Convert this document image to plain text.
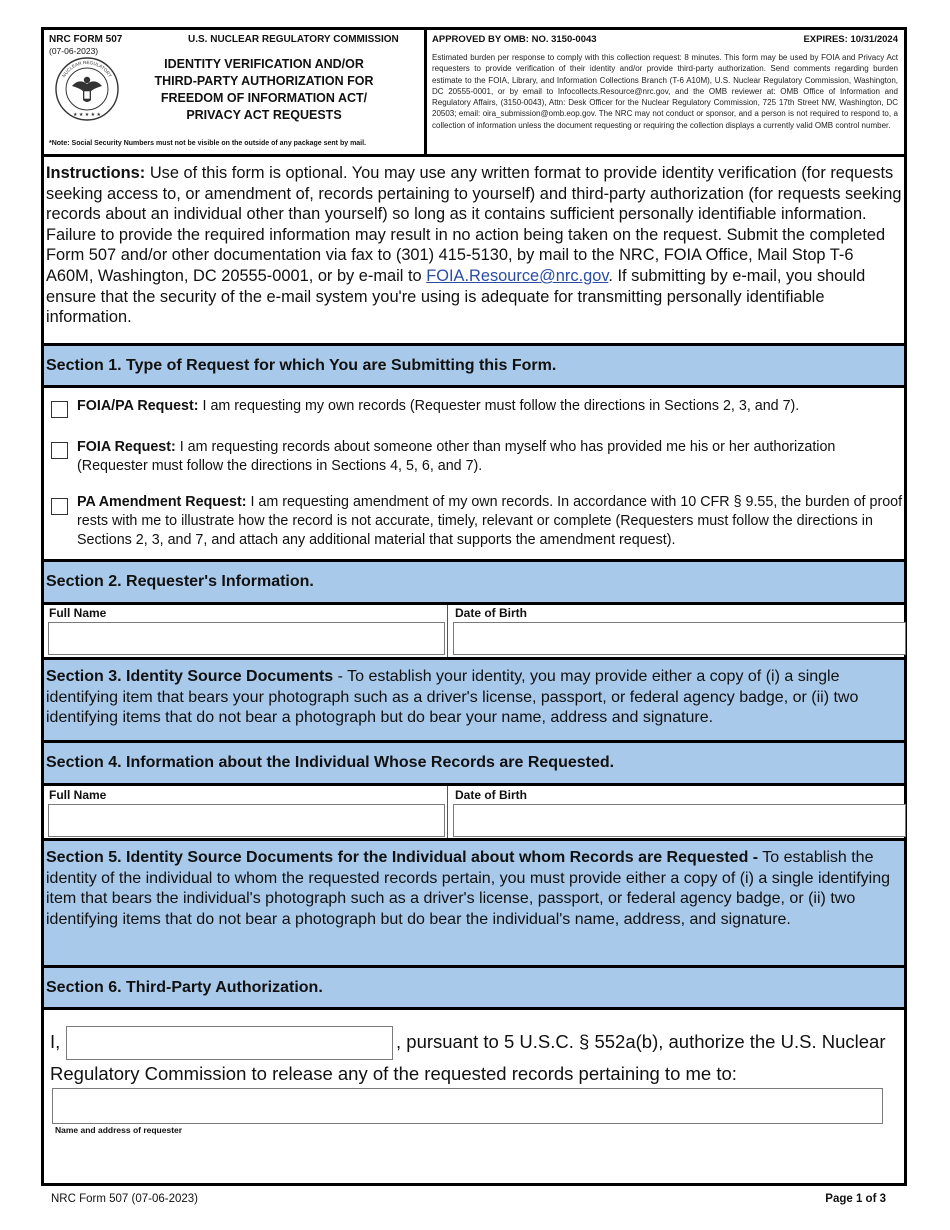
NRC FORM 507
(07-06-2023)
U.S. NUCLEAR REGULATORY COMMISSION
★ ★ ★ ★ ★
NUCLEAR REGULATORY
IDENTITY VERIFICATION AND/OR
THIRD-PARTY AUTHORIZATION FOR
FREEDOM OF INFORMATION ACT/
PRIVACY ACT REQUESTS
*Note: Social Security Numbers must not be visible on the outside of any package sent by mail.
APPROVED BY OMB: NO. 3150-0043	EXPIRES: 10/31/2024
Estimated burden per response to comply with this collection request: 8 minutes. This form may be used by FOIA and Privacy Act requesters to provide verification of their identity and/or provide third-party authorization. Send comments regarding burden estimate to the FOIA, Library, and Information Collections Branch (T-6 A10M), U.S. Nuclear Regulatory Commission, Washington, DC 20555-0001, or by email to Infocollects.Resource@nrc.gov, and the OMB reviewer at: OMB Office of Information and Regulatory Affairs, (3150-0043), Attn: Desk Officer for the Nuclear Regulatory Commission, 725 17th Street NW, Washington, DC 20503; email: oira_submission@omb.eop.gov. The NRC may not conduct or sponsor, and a person is not required to respond to, a collection of information unless the document requesting or requiring the collection displays a currently valid OMB control number.
Instructions: Use of this form is optional. You may use any written format to provide identity verification (for requests seeking access to, or amendment of, records pertaining to yourself) and third-party authorization (for requests seeking records about an individual other than yourself) so long as it contains sufficient personally identifiable information. Failure to provide the required information may result in no action being taken on the request. Submit the completed Form 507 and/or other documentation via fax to (301) 415-5130, by mail to the NRC, FOIA Office, Mail Stop T-6 A60M, Washington, DC 20555-0001, or by e-mail to FOIA.Resource@nrc.gov. If submitting by e-mail, you should ensure that the security of the e-mail system you're using is adequate for transmitting personally identifiable information.
Section 1. Type of Request for which You are Submitting this Form.
FOIA/PA Request: I am requesting my own records (Requester must follow the directions in Sections 2, 3, and 7).
FOIA Request: I am requesting records about someone other than myself who has provided me his or her authorization (Requester must follow the directions in Sections 4, 5, 6, and 7).
PA Amendment Request: I am requesting amendment of my own records. In accordance with 10 CFR § 9.55, the burden of proof rests with me to illustrate how the record is not accurate, timely, relevant or complete (Requesters must follow the directions in Sections 2, 3, and 7, and attach any additional material that supports the amendment request).
Section 2. Requester's Information.
Full Name	Date of Birth
Section 3. Identity Source Documents - To establish your identity, you may provide either a copy of (i) a single identifying item that bears your photograph such as a driver's license, passport, or federal agency badge, or (ii) two identifying items that do not bear a photograph but do bear your name, address and signature.
Section 4. Information about the Individual Whose Records are Requested.
Full Name	Date of Birth
Section 5. Identity Source Documents for the Individual about whom Records are Requested - To establish the identity of the individual to whom the requested records pertain, you must provide either a copy of (i) a single identifying item that bears the individual's photograph such as a driver's license, passport, or federal agency badge, or (ii) two identifying items that do not bear a photograph but do bear the individual's name, address, and signature.
Section 6. Third-Party Authorization.
I,	, pursuant to 5 U.S.C. § 552a(b), authorize the U.S. Nuclear
Regulatory Commission to release any of the requested records pertaining to me to:
Name and address of requester
NRC Form 507 (07-06-2023)	Page 1 of 3
